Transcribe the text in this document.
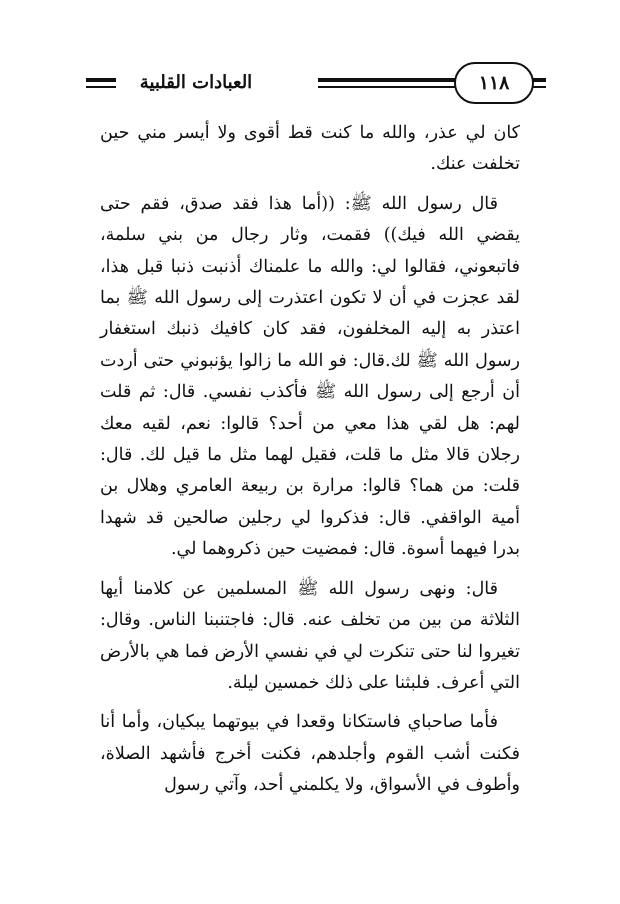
١١٨
العبادات القلبية

كان لي عذر، والله ما كنت قط أقوى ولا أيسر مني حين تخلفت عنك.

قال رسول الله ﷺ: ((أما هذا فقد صدق، فقم حتى يقضي الله فيك)) فقمت، وثار رجال من بني سلمة، فاتبعوني، فقالوا لي: والله ما علمناك أذنبت ذنبا قبل هذا، لقد عجزت في أن لا تكون اعتذرت إلى رسول الله ﷺ بما اعتذر به إليه المخلفون، فقد كان كافيك ذنبك استغفار رسول الله ﷺ لك.قال: فو الله ما زالوا يؤنبوني حتى أردت أن أرجع إلى رسول الله ﷺ فأكذب نفسي. قال: ثم قلت لهم: هل لقي هذا معي من أحد؟ قالوا: نعم، لقيه معك رجلان قالا مثل ما قلت، فقيل لهما مثل ما قيل لك. قال: قلت: من هما؟ قالوا: مرارة بن ربيعة العامري وهلال بن أمية الواقفي. قال: فذكروا لي رجلين صالحين قد شهدا بدرا فيهما أسوة. قال: فمضيت حين ذكروهما لي.

قال: ونهى رسول الله ﷺ المسلمين عن كلامنا أيها الثلاثة من بين من تخلف عنه. قال: فاجتنبنا الناس. وقال: تغيروا لنا حتى تنكرت لي في نفسي الأرض فما هي بالأرض التي أعرف. فلبثنا على ذلك خمسين ليلة.

فأما صاحباي فاستكانا وقعدا في بيوتهما يبكيان، وأما أنا فكنت أشب القوم وأجلدهم، فكنت أخرج فأشهد الصلاة، وأطوف في الأسواق، ولا يكلمني أحد، وآتي رسول
